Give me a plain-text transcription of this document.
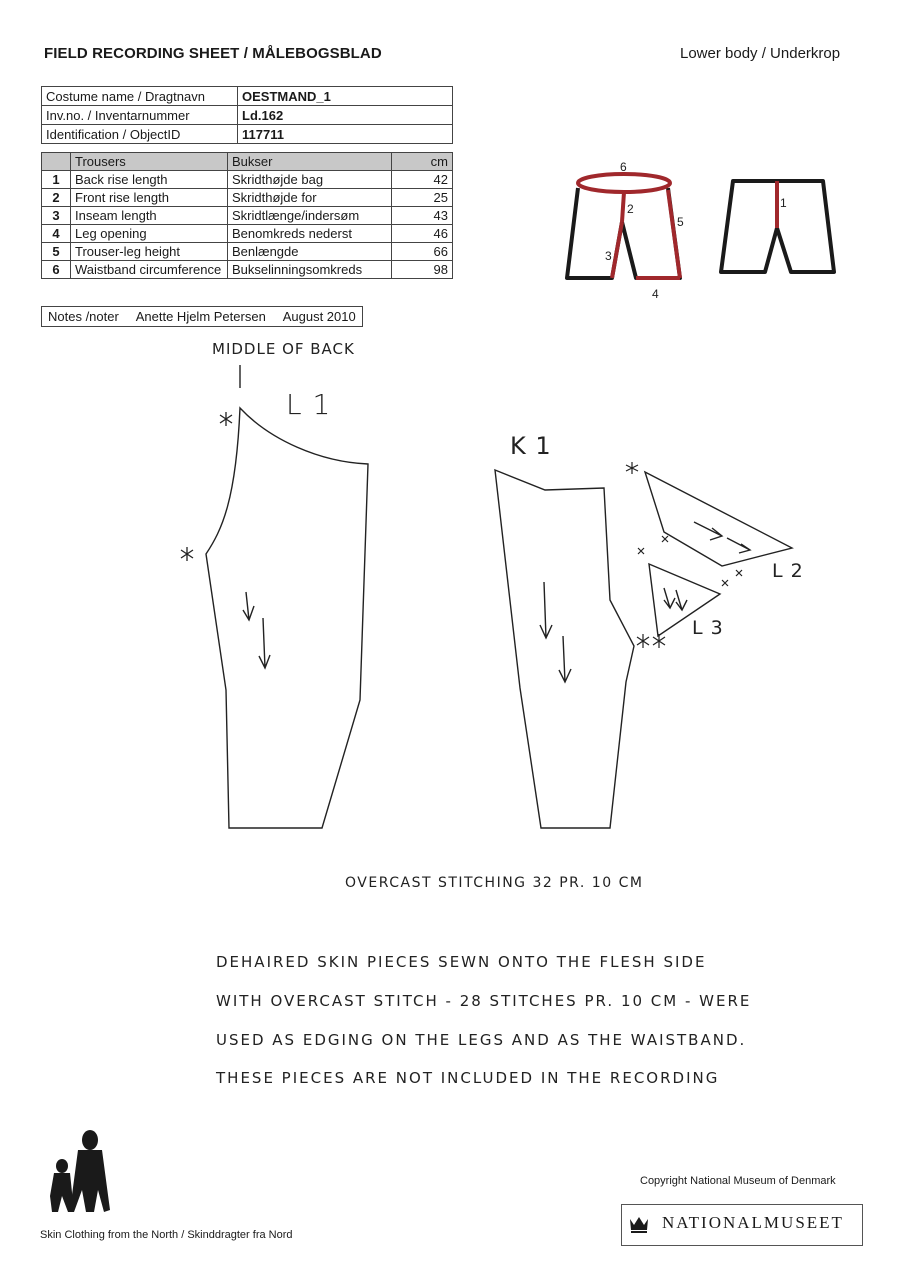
FIELD RECORDING SHEET / MÅLEBOGSBLAD	Lower body / Underkrop
Costume name / Dragtnavn	OESTMAND_1
Inv.no. / Inventarnummer	Ld.162
Identification / ObjectID	117711
	Trousers	Bukser	cm
1	Back rise length	Skridthøjde bag	42
2	Front rise length	Skridthøjde for	25
3	Inseam length	Skridtlænge/indersøm	43
4	Leg opening	Benomkreds nederst	46
5	Trouser-leg height	Benlængde	66
6	Waistband circumference	Bukselinningsomkreds	98
Notes /noter Anette Hjelm Petersen August 2010
6
2
5
3
4
1
MIDDLE OF BACK
L 1
K 1
L 2
L 3
OVERCAST STITCHING 32 PR. 10 CM
DEHAIRED SKIN PIECES SEWN ONTO THE FLESH SIDE
WITH OVERCAST STITCH - 28 STITCHES PR. 10 CM - WERE
USED AS EDGING ON THE LEGS AND AS THE WAISTBAND.
THESE PIECES ARE NOT INCLUDED IN THE RECORDING
Copyright National Museum of Denmark
NATIONALMUSEET
Skin Clothing from the North / Skinddragter fra Nord
